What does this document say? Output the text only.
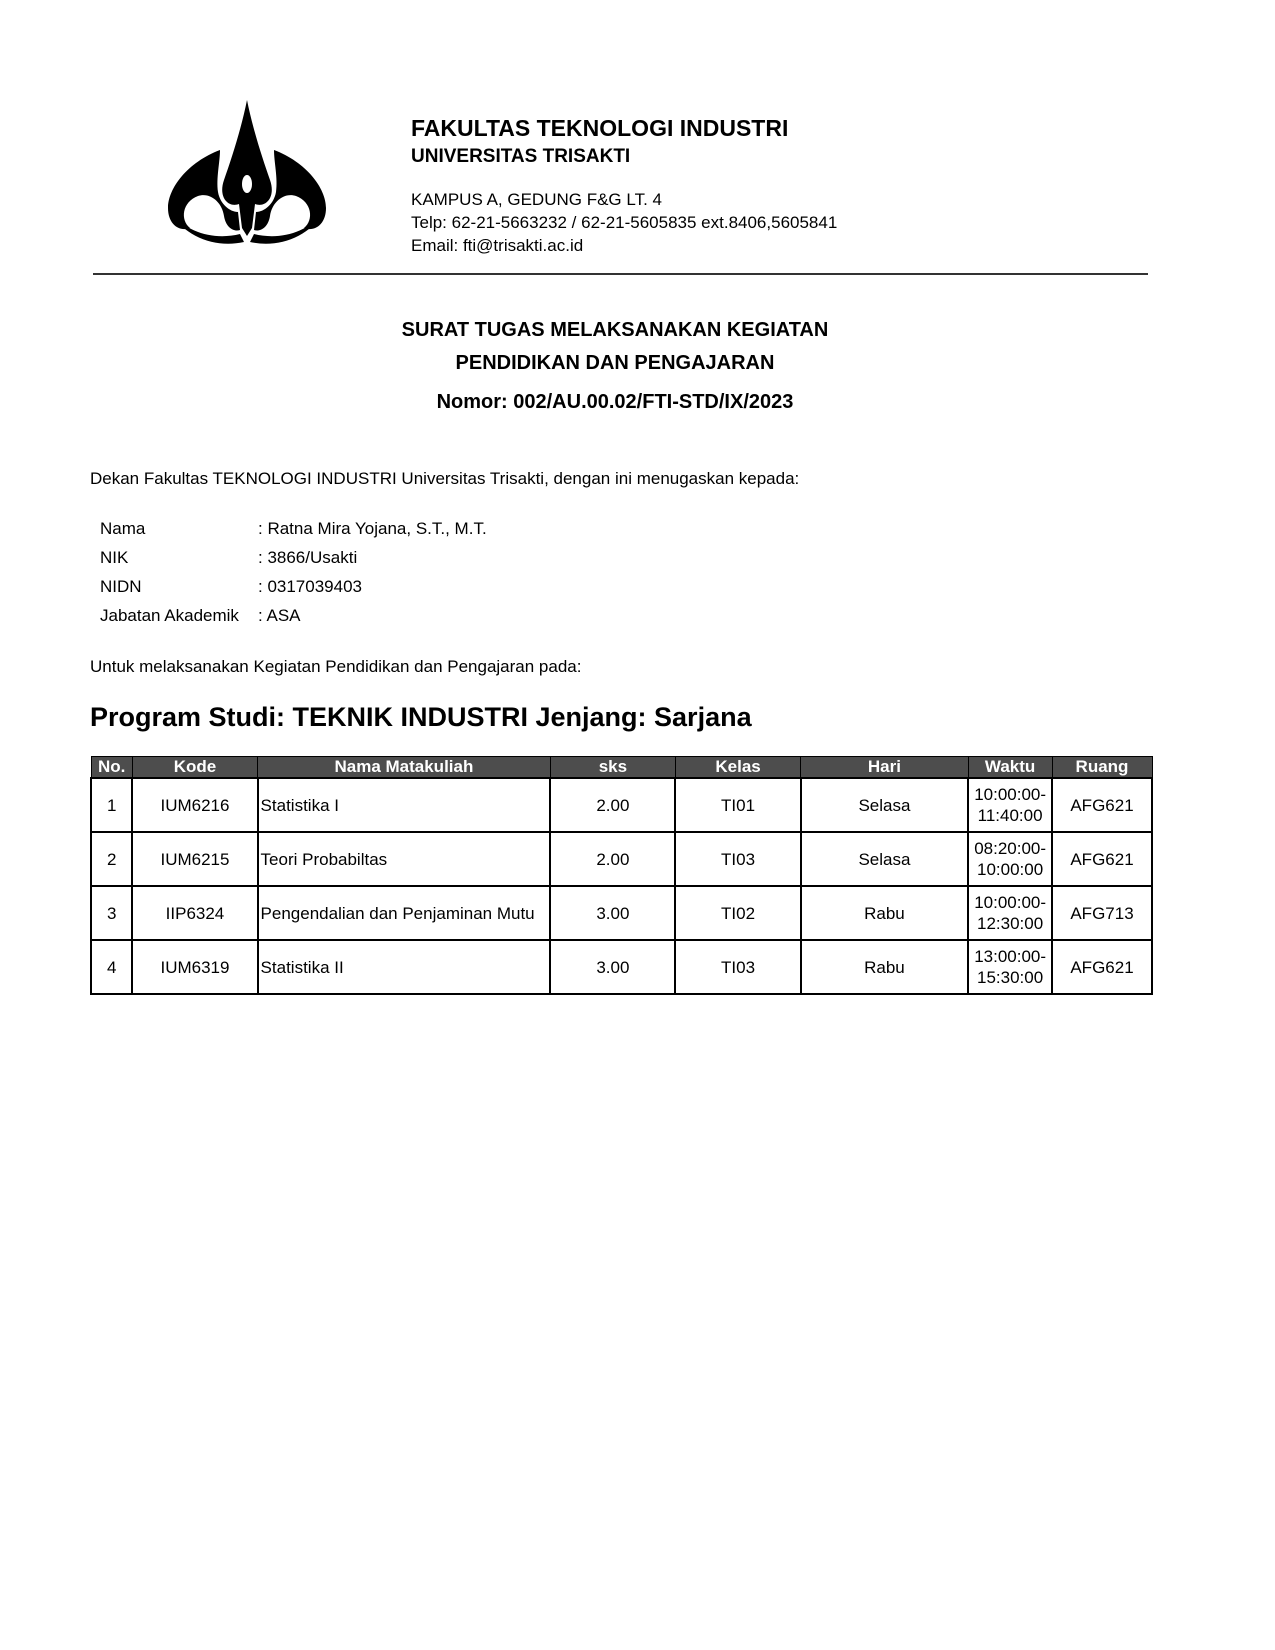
FAKULTAS TEKNOLOGI INDUSTRI
UNIVERSITAS TRISAKTI
KAMPUS A, GEDUNG F&G LT. 4
Telp: 62-21-5663232 / 62-21-5605835 ext.8406,5605841
Email: fti@trisakti.ac.id
SURAT TUGAS MELAKSANAKAN KEGIATAN
PENDIDIKAN DAN PENGAJARAN
Nomor: 002/AU.00.02/FTI-STD/IX/2023
Dekan Fakultas TEKNOLOGI INDUSTRI Universitas Trisakti, dengan ini menugaskan kepada:
Nama	: Ratna Mira Yojana, S.T., M.T.
NIK	: 3866/Usakti
NIDN	: 0317039403
Jabatan Akademik : ASA
Untuk melaksanakan Kegiatan Pendidikan dan Pengajaran pada:
Program Studi: TEKNIK INDUSTRI Jenjang: Sarjana
No.	Kode	Nama Matakuliah	sks	Kelas	Hari	Waktu	Ruang
1	IUM6216	Statistika I	2.00	TI01	Selasa	10:00:00-
11:40:00	AFG621
2	IUM6215	Teori Probabiltas	2.00	TI03	Selasa	08:20:00-
10:00:00	AFG621
3	IIP6324	Pengendalian dan Penjaminan Mutu	3.00	TI02	Rabu	10:00:00-
12:30:00	AFG713
4	IUM6319	Statistika II	3.00	TI03	Rabu	13:00:00-
15:30:00	AFG621
